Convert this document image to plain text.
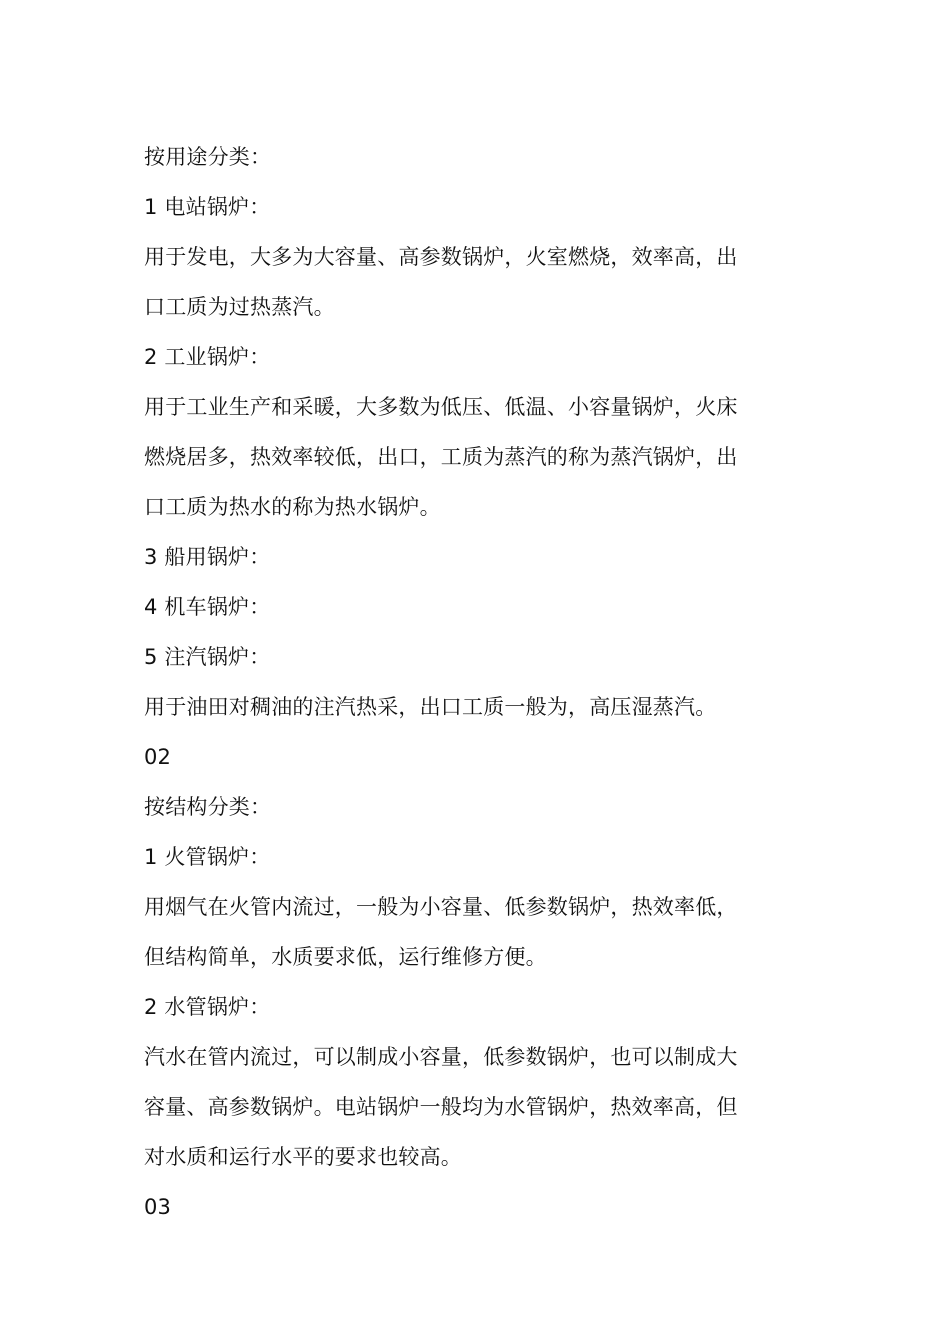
按用途分类：
1 电站锅炉：
用于发电，大多为大容量、高参数锅炉，火室燃烧，效率高，出
口工质为过热蒸汽。
2 工业锅炉：
用于工业生产和采暖，大多数为低压、低温、小容量锅炉，火床
燃烧居多，热效率较低，出口，工质为蒸汽的称为蒸汽锅炉，出
口工质为热水的称为热水锅炉。
3 船用锅炉：
4 机车锅炉：
5 注汽锅炉：
用于油田对稠油的注汽热采，出口工质一般为，高压湿蒸汽。
02
按结构分类：
1 火管锅炉：
用烟气在火管内流过，一般为小容量、低参数锅炉，热效率低，
但结构简单，水质要求低，运行维修方便。
2 水管锅炉：
汽水在管内流过，可以制成小容量，低参数锅炉，也可以制成大
容量、高参数锅炉。电站锅炉一般均为水管锅炉，热效率高，但
对水质和运行水平的要求也较高。
03
